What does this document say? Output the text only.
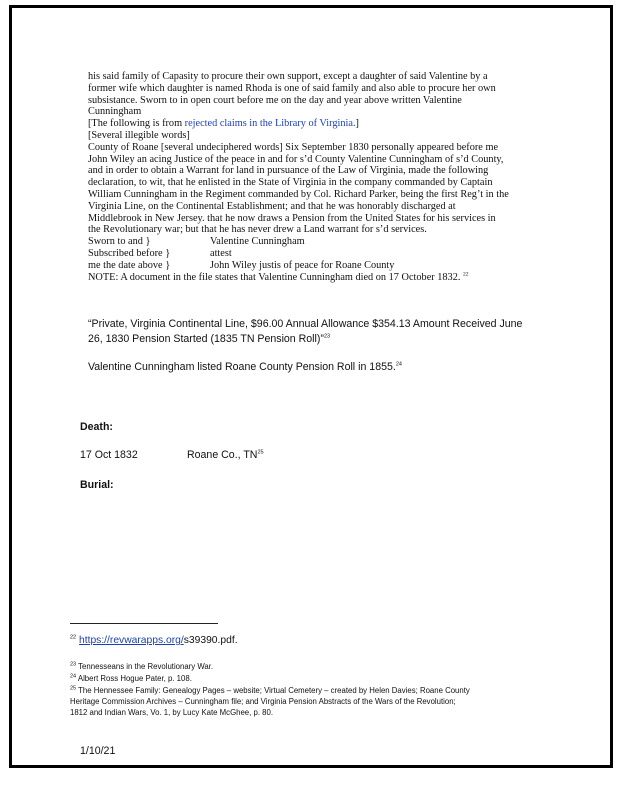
his said family of Capasity to procure their own support, except a daughter of said Valentine by a
former wife which daughter is named Rhoda is one of said family and also able to procure her own
subsistance. Sworn to in open court before me on the day and year above written Valentine
Cunningham
[The following is from rejected claims in the Library of Virginia.]
[Several illegible words]
County of Roane [several undeciphered words] Six September 1830 personally appeared before me
John Wiley an acing Justice of the peace in and for s’d County Valentine Cunningham of s’d County,
and in order to obtain a Warrant for land in pursuance of the Law of Virginia, made the following
declaration, to wit, that he enlisted in the State of Virginia in the company commanded by Captain
William Cunningham in the Regiment commanded by Col. Richard Parker, being the first Reg’t in the
Virginia Line, on the Continental Establishment; and that he was honorably discharged at
Middlebrook in New Jersey. that he now draws a Pension from the United States for his services in
the Revolutionary war; but that he has never drew a Land warrant for s’d services.
Sworn to and }	Valentine Cunningham
Subscribed before }	attest
me the date above }	John Wiley justis of peace for Roane County
NOTE: A document in the file states that Valentine Cunningham died on 17 October 1832. $^{22}$
“Private, Virginia Continental Line, $96.00 Annual Allowance $354.13 Amount Received June
26, 1830 Pension Started (1835 TN Pension Roll)”$^{23}$
Valentine Cunningham listed Roane County Pension Roll in 1855.24
Death:
17 Oct 1832	Roane Co., TN$^{25}$
Burial:
$^{22}$ https://revwarapps.org/s39390.pdf.
$^{23}$ Tennesseans in the Revolutionary War.
$^{24}$ Albert Ross Hogue Pater, p. 108.
$^{25}$ The Hennessee Family: Genealogy Pages – website; Virtual Cemetery – created by Helen Davies; Roane County
Heritage Commission Archives – Cunningham file; and Virginia Pension Abstracts of the Wars of the Revolution;
1812 and Indian Wars, Vo. 1, by Lucy Kate McGhee, p. 80.
1/10/21
